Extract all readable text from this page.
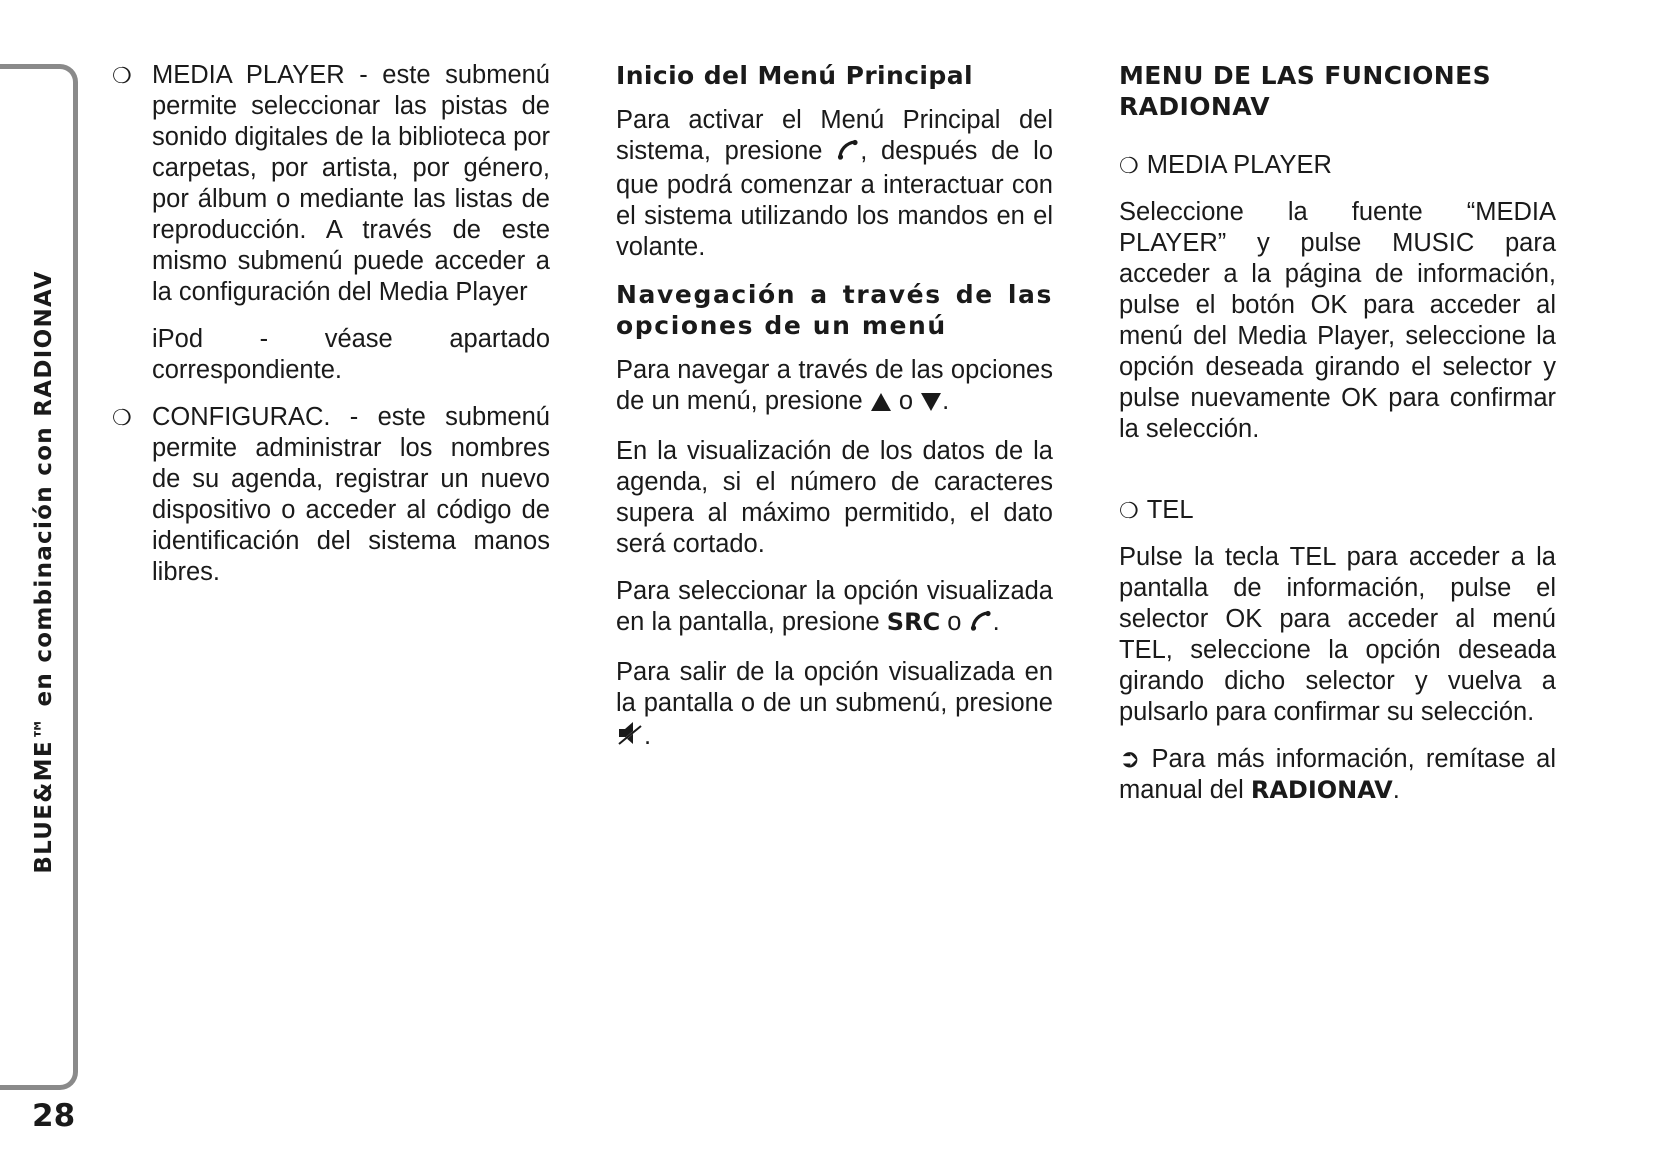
BLUE&ME™ en combinación con RADIONAV
28
❍ MEDIA PLAYER - este submenú permite seleccionar las pistas de sonido digitales de la biblioteca por carpetas, por artista, por género, por álbum o mediante las listas de reproducción. A través de este mismo submenú puede acceder a la configuración del Media Player

iPod - véase apartado correspondiente.

❍ CONFIGURAC. - este submenú permite administrar los nombres de su agenda, registrar un nuevo dispositivo o acceder al código de identificación del sistema manos libres.
Inicio del Menú Principal

Para activar el Menú Principal del sistema, presione , después de lo que podrá comenzar a interactuar con el sistema utilizando los mandos en el volante.

Navegación a través de las opciones de un menú

Para navegar a través de las opciones de un menú, presione o .

En la visualización de los datos de la agenda, si el número de caracteres supera al máximo permitido, el dato será cortado.

Para seleccionar la opción visualizada en la pantalla, presione SRC o .

Para salir de la opción visualizada en la pantalla o de un submenú, presione .

MENU DE LAS FUNCIONES RADIONAV

❍ MEDIA PLAYER

Seleccione la fuente “MEDIA PLAYER” y pulse MUSIC para acceder a la página de información, pulse el botón OK para acceder al menú del Media Player, seleccione la opción deseada girando el selector y pulse nuevamente OK para confirmar la selección.

❍ TEL

Pulse la tecla TEL para acceder a la pantalla de información, pulse el selector OK para acceder al menú TEL, seleccione la opción deseada girando dicho selector y vuelva a pulsarlo para confirmar su selección.

➲ Para más información, remítase al manual del RADIONAV.
